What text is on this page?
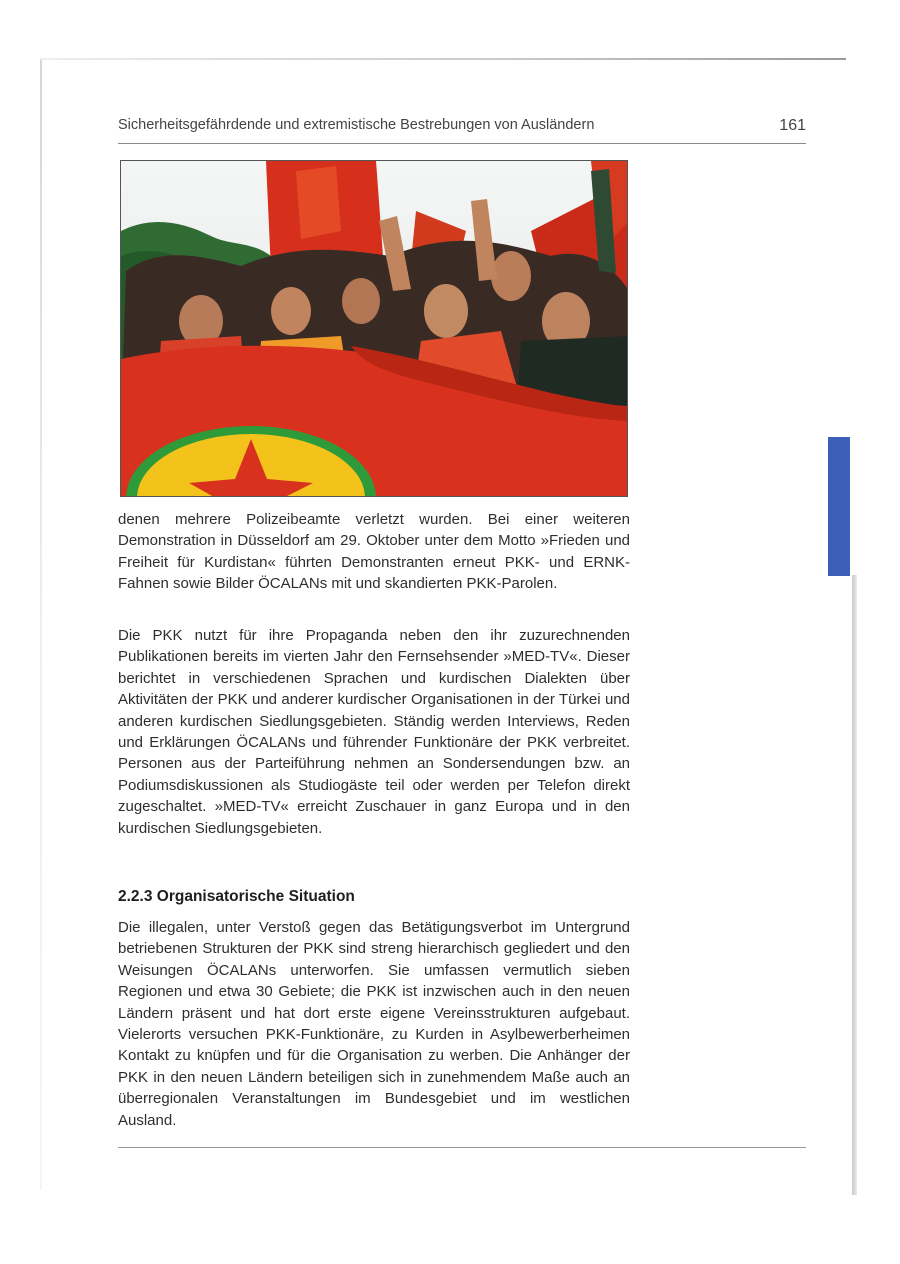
Sicherheitsgefährdende und extremistische Bestrebungen von Ausländern	161

denen mehrere Polizeibeamte verletzt wurden. Bei einer weiteren Demonstration in Düsseldorf am 29. Oktober unter dem Motto »Frieden und Freiheit für Kurdistan« führten Demonstranten erneut PKK- und ERNK-Fahnen sowie Bilder ÖCALANs mit und skandierten PKK-Parolen.

Die PKK nutzt für ihre Propaganda neben den ihr zuzurechnenden Publikationen bereits im vierten Jahr den Fernsehsender »MED-TV«. Dieser berichtet in verschiedenen Sprachen und kurdischen Dialekten über Aktivitäten der PKK und anderer kurdischer Organisationen in der Türkei und anderen kurdischen Siedlungsgebieten. Ständig werden Interviews, Reden und Erklärungen ÖCALANs und führender Funktionäre der PKK verbreitet. Personen aus der Parteiführung nehmen an Sondersendungen bzw. an Podiumsdiskussionen als Studiogäste teil oder werden per Telefon direkt zugeschaltet. »MED-TV« erreicht Zuschauer in ganz Europa und in den kurdischen Siedlungsgebieten.

2.2.3 Organisatorische Situation

Die illegalen, unter Verstoß gegen das Betätigungsverbot im Untergrund betriebenen Strukturen der PKK sind streng hierarchisch gegliedert und den Weisungen ÖCALANs unterworfen. Sie umfassen vermutlich sieben Regionen und etwa 30 Gebiete; die PKK ist inzwischen auch in den neuen Ländern präsent und hat dort erste eigene Vereinsstrukturen aufgebaut. Vielerorts versuchen PKK-Funktionäre, zu Kurden in Asylbewerberheimen Kontakt zu knüpfen und für die Organisation zu werben. Die Anhänger der PKK in den neuen Ländern beteiligen sich in zunehmendem Maße auch an überregionalen Veranstaltungen im Bundesgebiet und im westlichen Ausland.
